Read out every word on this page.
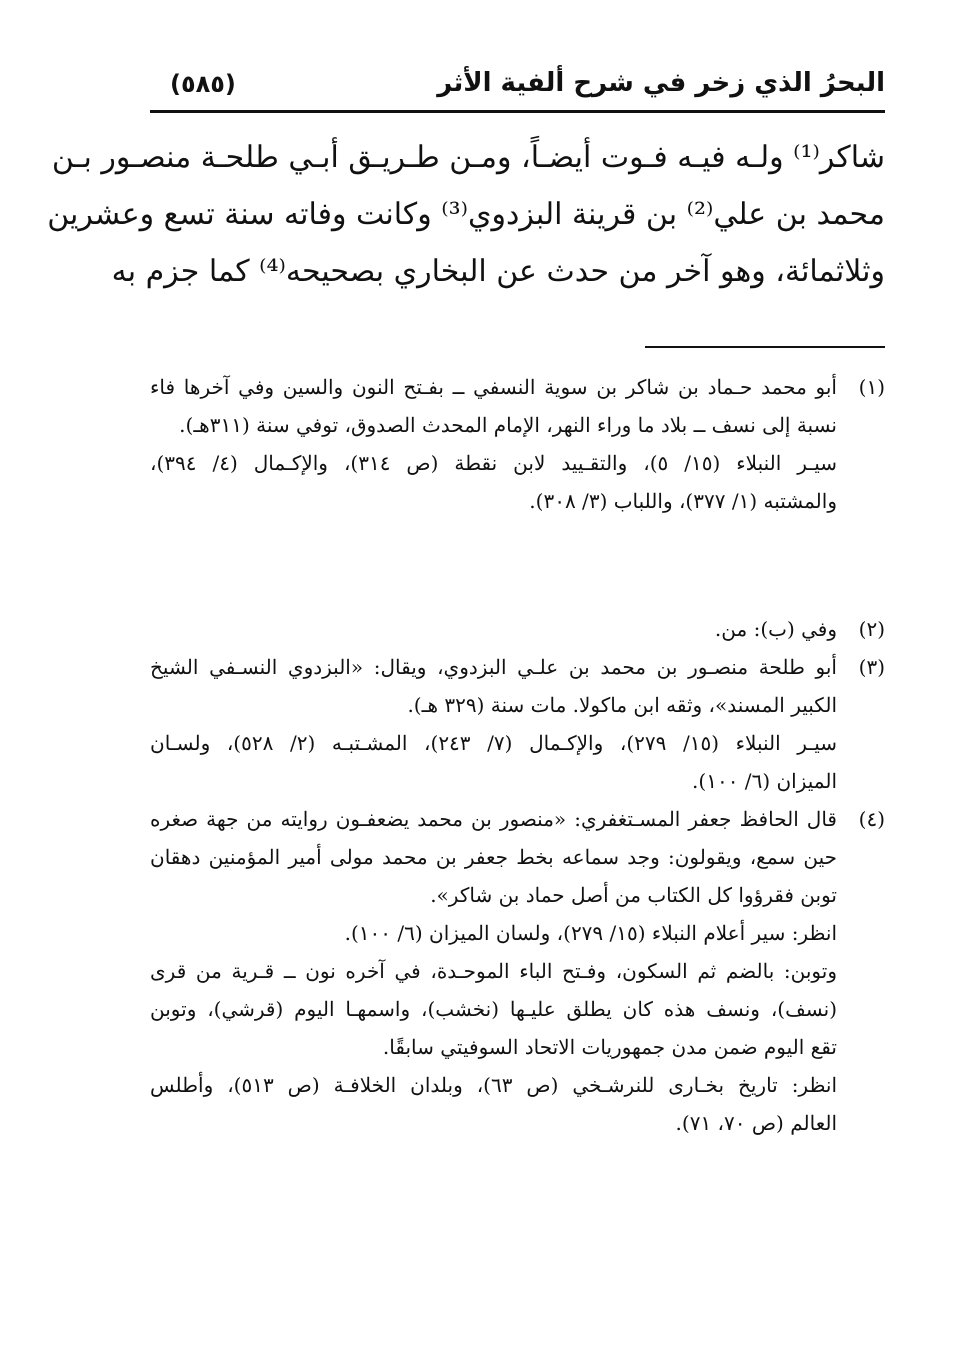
البحرُ الذي زخر في شرح ألفية الأثر
(٥٨٥)
شاكر⁽¹⁾ ولـه فيـه فـوت أيضـاً، ومـن طـريـق أبـي طلحـة منصـور بـن
محمد بن علي⁽²⁾ بن قرينة البزدوي⁽³⁾ وكانت وفاته سنة تسع وعشرين
وثلاثمائة، وهو آخر من حدث عن البخاري بصحيحه⁽⁴⁾ كما جزم به
(١)
أبو محمد حـماد بن شاكر بن سوية النسفي ــ بفـتح النون والسين وفي آخرها فاء
نسبة إلى نسف ــ بلاد ما وراء النهر، الإمام المحدث الصدوق، توفي سنة (٣١١هـ).
سيـر النبلاء (١٥/ ٥)، والتقـييد لابن نقطة (ص ٣١٤)، والإكـمال (٤/ ٣٩٤)،
والمشتبه (١/ ٣٧٧)، واللباب (٣/ ٣٠٨).
(٢)
وفي (ب): من.
(٣)
أبو طلحة منصـور بن محمد بن علـي البزدوي، ويقال: «البزدوي النسـفي الشيخ
الكبير المسند»، وثقه ابن ماكولا. مات سنة (٣٢٩ هـ).
سيـر النبلاء (١٥/ ٢٧٩)، والإكـمال (٧/ ٢٤٣)، المشـتبـه (٢/ ٥٢٨)، ولسـان
الميزان (٦/ ١٠٠).
(٤)
قال الحافظ جعفر المسـتغفري: «منصور بن محمد يضعفـون روايته من جهة صغره
حين سمع، ويقولون: وجد سماعه بخط جعفر بن محمد مولى أمير المؤمنين دهقان
توبن فقرؤوا كل الكتاب من أصل حماد بن شاكر».
انظر: سير أعلام النبلاء (١٥/ ٢٧٩)، ولسان الميزان (٦/ ١٠٠).
وتوبن: بالضم ثم السكون، وفـتح الباء الموحـدة، في آخره نون ــ قـرية من قرى
(نسف)، ونسف هذه كان يطلق عليـها (نخشب)، واسمهـا اليوم (قرشي)، وتوبن
تقع اليوم ضمن مدن جمهوريات الاتحاد السوفيتي سابقًا.
انظر: تاريخ بخـارى للنرشـخي (ص ٦٣)، وبلدان الخلافـة (ص ٥١٣)، وأطلس
العالم (ص ٧٠، ٧١).
